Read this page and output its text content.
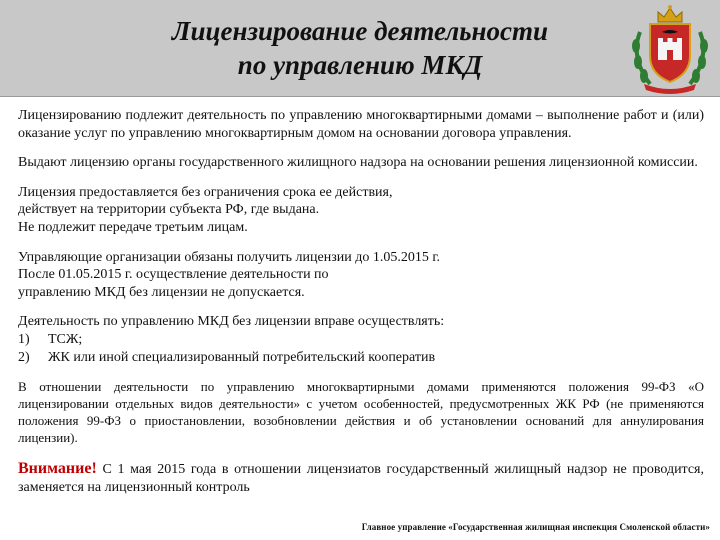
Лицензирование деятельности
по управлению МКД

Лицензированию подлежит деятельность по управлению многоквартирными домами – выполнение работ и (или) оказание услуг по управлению многоквартирным домом на основании договора управления.

Выдают лицензию органы государственного жилищного надзора на основании решения лицензионной комиссии.

Лицензия предоставляется без ограничения срока ее действия,
действует на территории субъекта РФ, где выдана.
Не подлежит передаче третьим лицам.

Управляющие организации обязаны получить лицензии до 1.05.2015 г.
После 01.05.2015 г. осуществление деятельности по
управлению МКД без лицензии не допускается.

Деятельность по управлению МКД без лицензии вправе осуществлять:
1) ТСЖ;
2) ЖК или иной специализированный потребительский кооператив

В отношении деятельности по управлению многоквартирными домами применяются положения 99-ФЗ «О лицензировании отдельных видов деятельности» с учетом особенностей, предусмотренных ЖК РФ (не применяются положения 99-ФЗ о приостановлении, возобновлении действия и об установлении оснований для аннулирования лицензии).

Внимание! С 1 мая 2015 года в отношении лицензиатов государственный жилищный надзор не проводится, заменяется на лицензионный контроль

Главное управление «Государственная жилищная инспекция Смоленской области»
